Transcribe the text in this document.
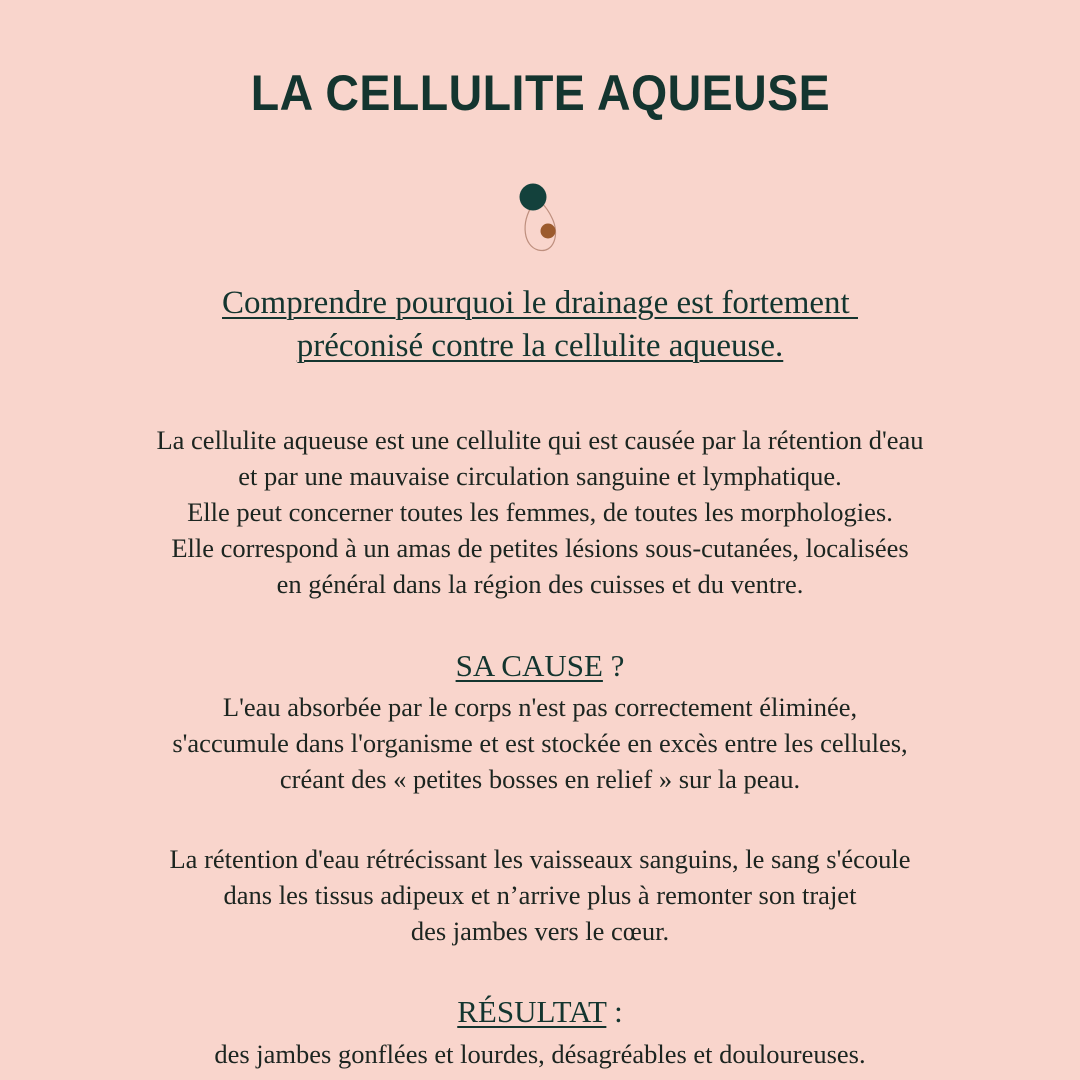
LA CELLULITE AQUEUSE
Comprendre pourquoi le drainage est fortement
préconisé contre la cellulite aqueuse.
La cellulite aqueuse est une cellulite qui est causée par la rétention d'eau
et par une mauvaise circulation sanguine et lymphatique.
Elle peut concerner toutes les femmes, de toutes les morphologies.
Elle correspond à un amas de petites lésions sous-cutanées, localisées
en général dans la région des cuisses et du ventre.
SA CAUSE ?
L'eau absorbée par le corps n'est pas correctement éliminée,
s'accumule dans l'organisme et est stockée en excès entre les cellules,
créant des « petites bosses en relief » sur la peau.
La rétention d'eau rétrécissant les vaisseaux sanguins, le sang s'écoule
dans les tissus adipeux et n’arrive plus à remonter son trajet
des jambes vers le cœur.
RÉSULTAT :
des jambes gonflées et lourdes, désagréables et douloureuses.
